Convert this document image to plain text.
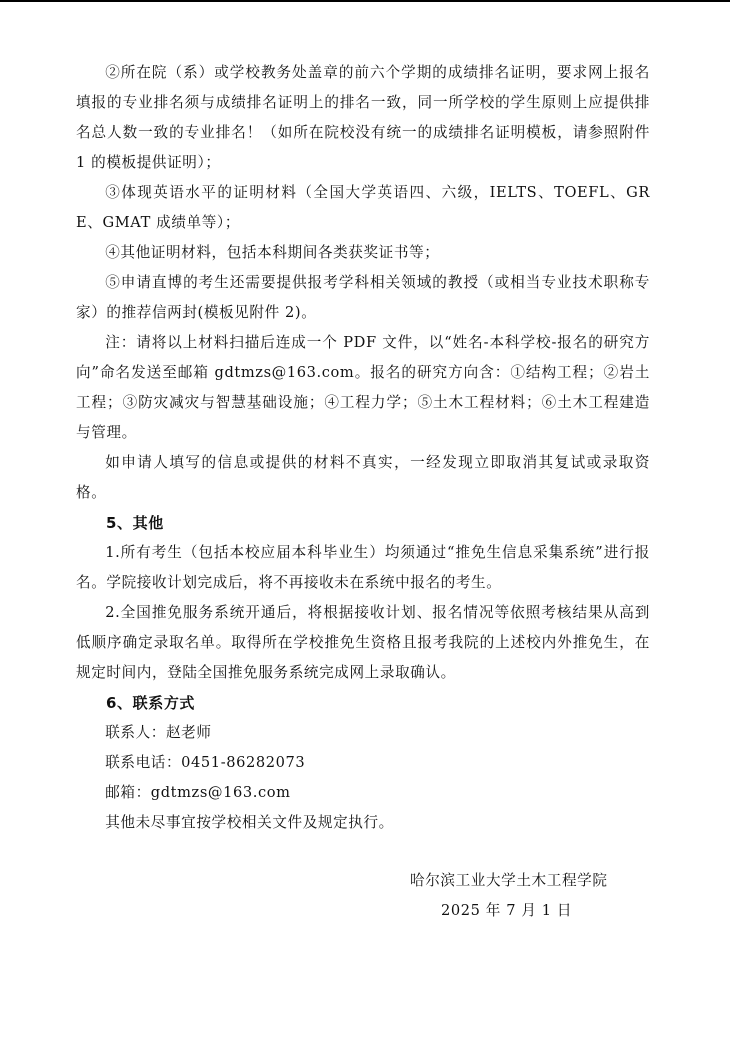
②所在院（系）或学校教务处盖章的前六个学期的成绩排名证明，要求网上报名填报的专业排名须与成绩排名证明上的排名一致，同一所学校的学生原则上应提供排名总人数一致的专业排名！（如所在院校没有统一的成绩排名证明模板，请参照附件 1 的模板提供证明）；

③体现英语水平的证明材料（全国大学英语四、六级，IELTS、TOEFL、GRE、GMAT 成绩单等）；

④其他证明材料，包括本科期间各类获奖证书等；

⑤申请直博的考生还需要提供报考学科相关领域的教授（或相当专业技术职称专家）的推荐信两封(模板见附件 2)。

注：请将以上材料扫描后连成一个 PDF 文件，以“姓名-本科学校-报名的研究方向”命名发送至邮箱 gdtmzs@163.com。报名的研究方向含：①结构工程；②岩土工程；③防灾减灾与智慧基础设施；④工程力学；⑤土木工程材料；⑥土木工程建造与管理。

如申请人填写的信息或提供的材料不真实，一经发现立即取消其复试或录取资格。

5、其他

1.所有考生（包括本校应届本科毕业生）均须通过“推免生信息采集系统”进行报名。学院接收计划完成后，将不再接收未在系统中报名的考生。

2.全国推免服务系统开通后，将根据接收计划、报名情况等依照考核结果从高到低顺序确定录取名单。取得所在学校推免生资格且报考我院的上述校内外推免生，在规定时间内，登陆全国推免服务系统完成网上录取确认。

6、联系方式

联系人：赵老师

联系电话：0451-86282073

邮箱：gdtmzs@163.com

其他未尽事宜按学校相关文件及规定执行。

哈尔滨工业大学土木工程学院

2025 年 7 月 1 日
